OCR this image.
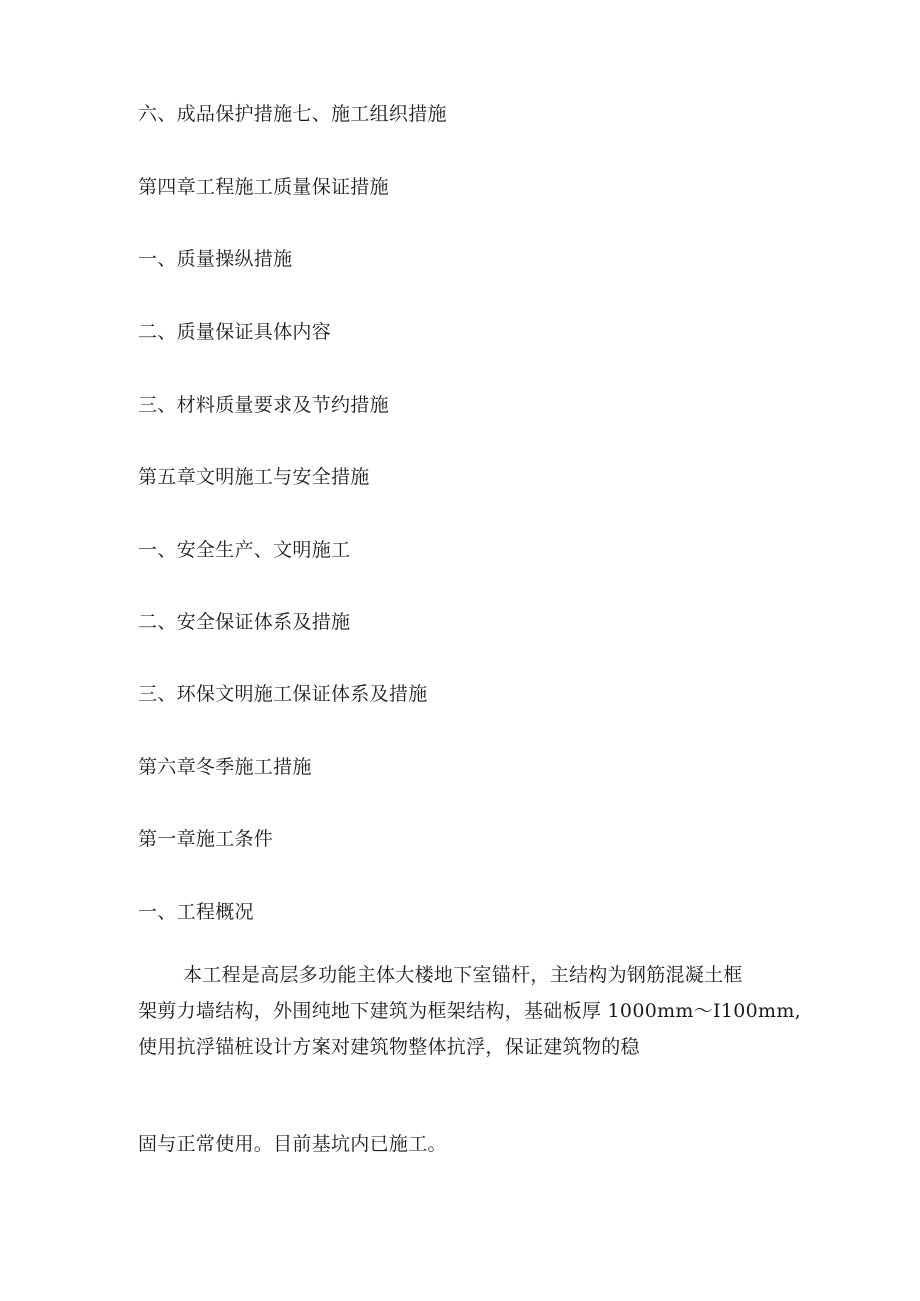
六、成品保护措施七、施工组织措施
第四章工程施工质量保证措施
一、质量操纵措施
二、质量保证具体内容
三、材料质量要求及节约措施
第五章文明施工与安全措施
一、安全生产、文明施工
二、安全保证体系及措施
三、环保文明施工保证体系及措施
第六章冬季施工措施
第一章施工条件
一、工程概况
本工程是高层多功能主体大楼地下室锚杆，主结构为钢筋混凝土框
架剪力墙结构，外围纯地下建筑为框架结构，基础板厚 1000mm～I100mm,
使用抗浮锚桩设计方案对建筑物整体抗浮，保证建筑物的稳
固与正常使用。目前基坑内已施工。
